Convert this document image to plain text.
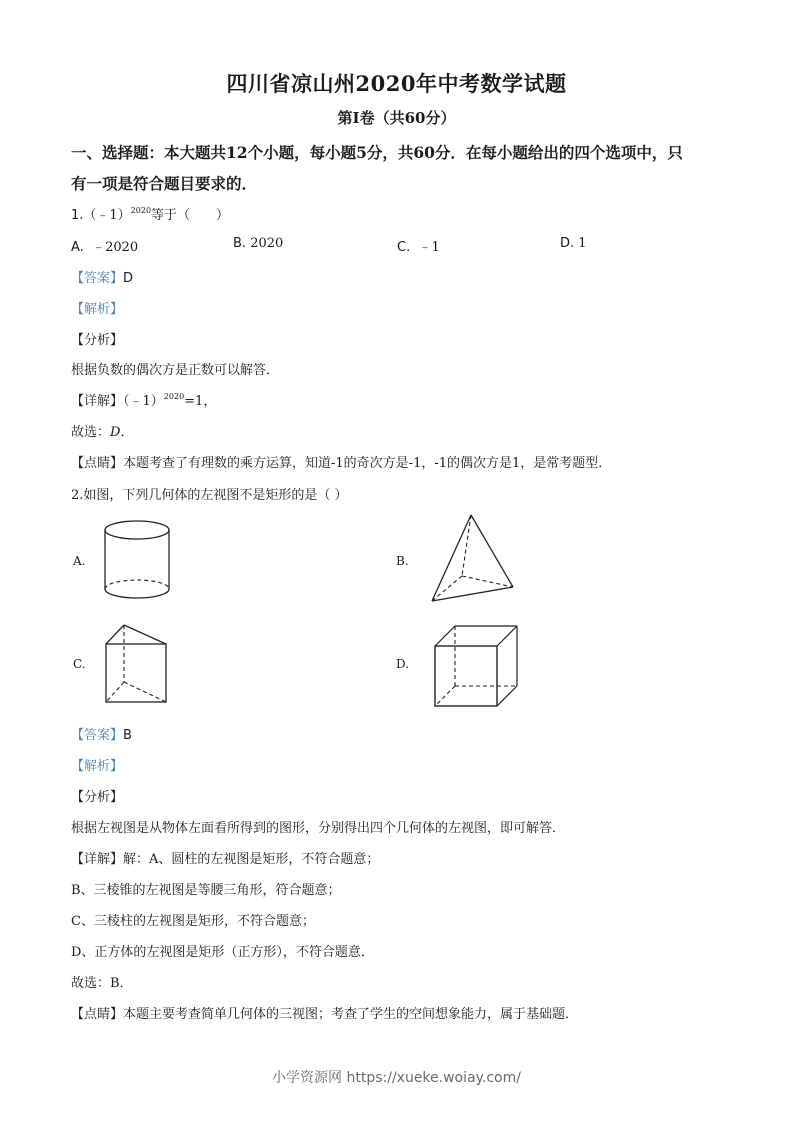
四川省凉山州2020年中考数学试题
第Ⅰ卷（共60分）
一、选择题：本大题共12个小题，每小题5分，共60分．在每小题给出的四个选项中，只
有一项是符合题目要求的．
1.（﹣1）$^{2020}$等于（　　）
A. ﹣2020	B. 2020	C. ﹣1	D. 1
【答案】D
【解析】
【分析】
根据负数的偶次方是正数可以解答．
【详解】（﹣1）$^{2020}$=1，
故选：D．
【点睛】本题考查了有理数的乘方运算，知道-1的奇次方是-1，-1的偶次方是1，是常考题型．
2.如图，下列几何体的左视图不是矩形的是（ ）
A.	B.
C.	D.
【答案】B
【解析】
【分析】
根据左视图是从物体左面看所得到的图形，分别得出四个几何体的左视图，即可解答．
【详解】解：A、圆柱的左视图是矩形，不符合题意；
B、三棱锥的左视图是等腰三角形，符合题意；
C、三棱柱的左视图是矩形，不符合题意；
D、正方体的左视图是矩形（正方形），不符合题意．
故选：B．
【点睛】本题主要考查简单几何体的三视图；考查了学生的空间想象能力，属于基础题．
小学资源网 https://xueke.woiay.com/
